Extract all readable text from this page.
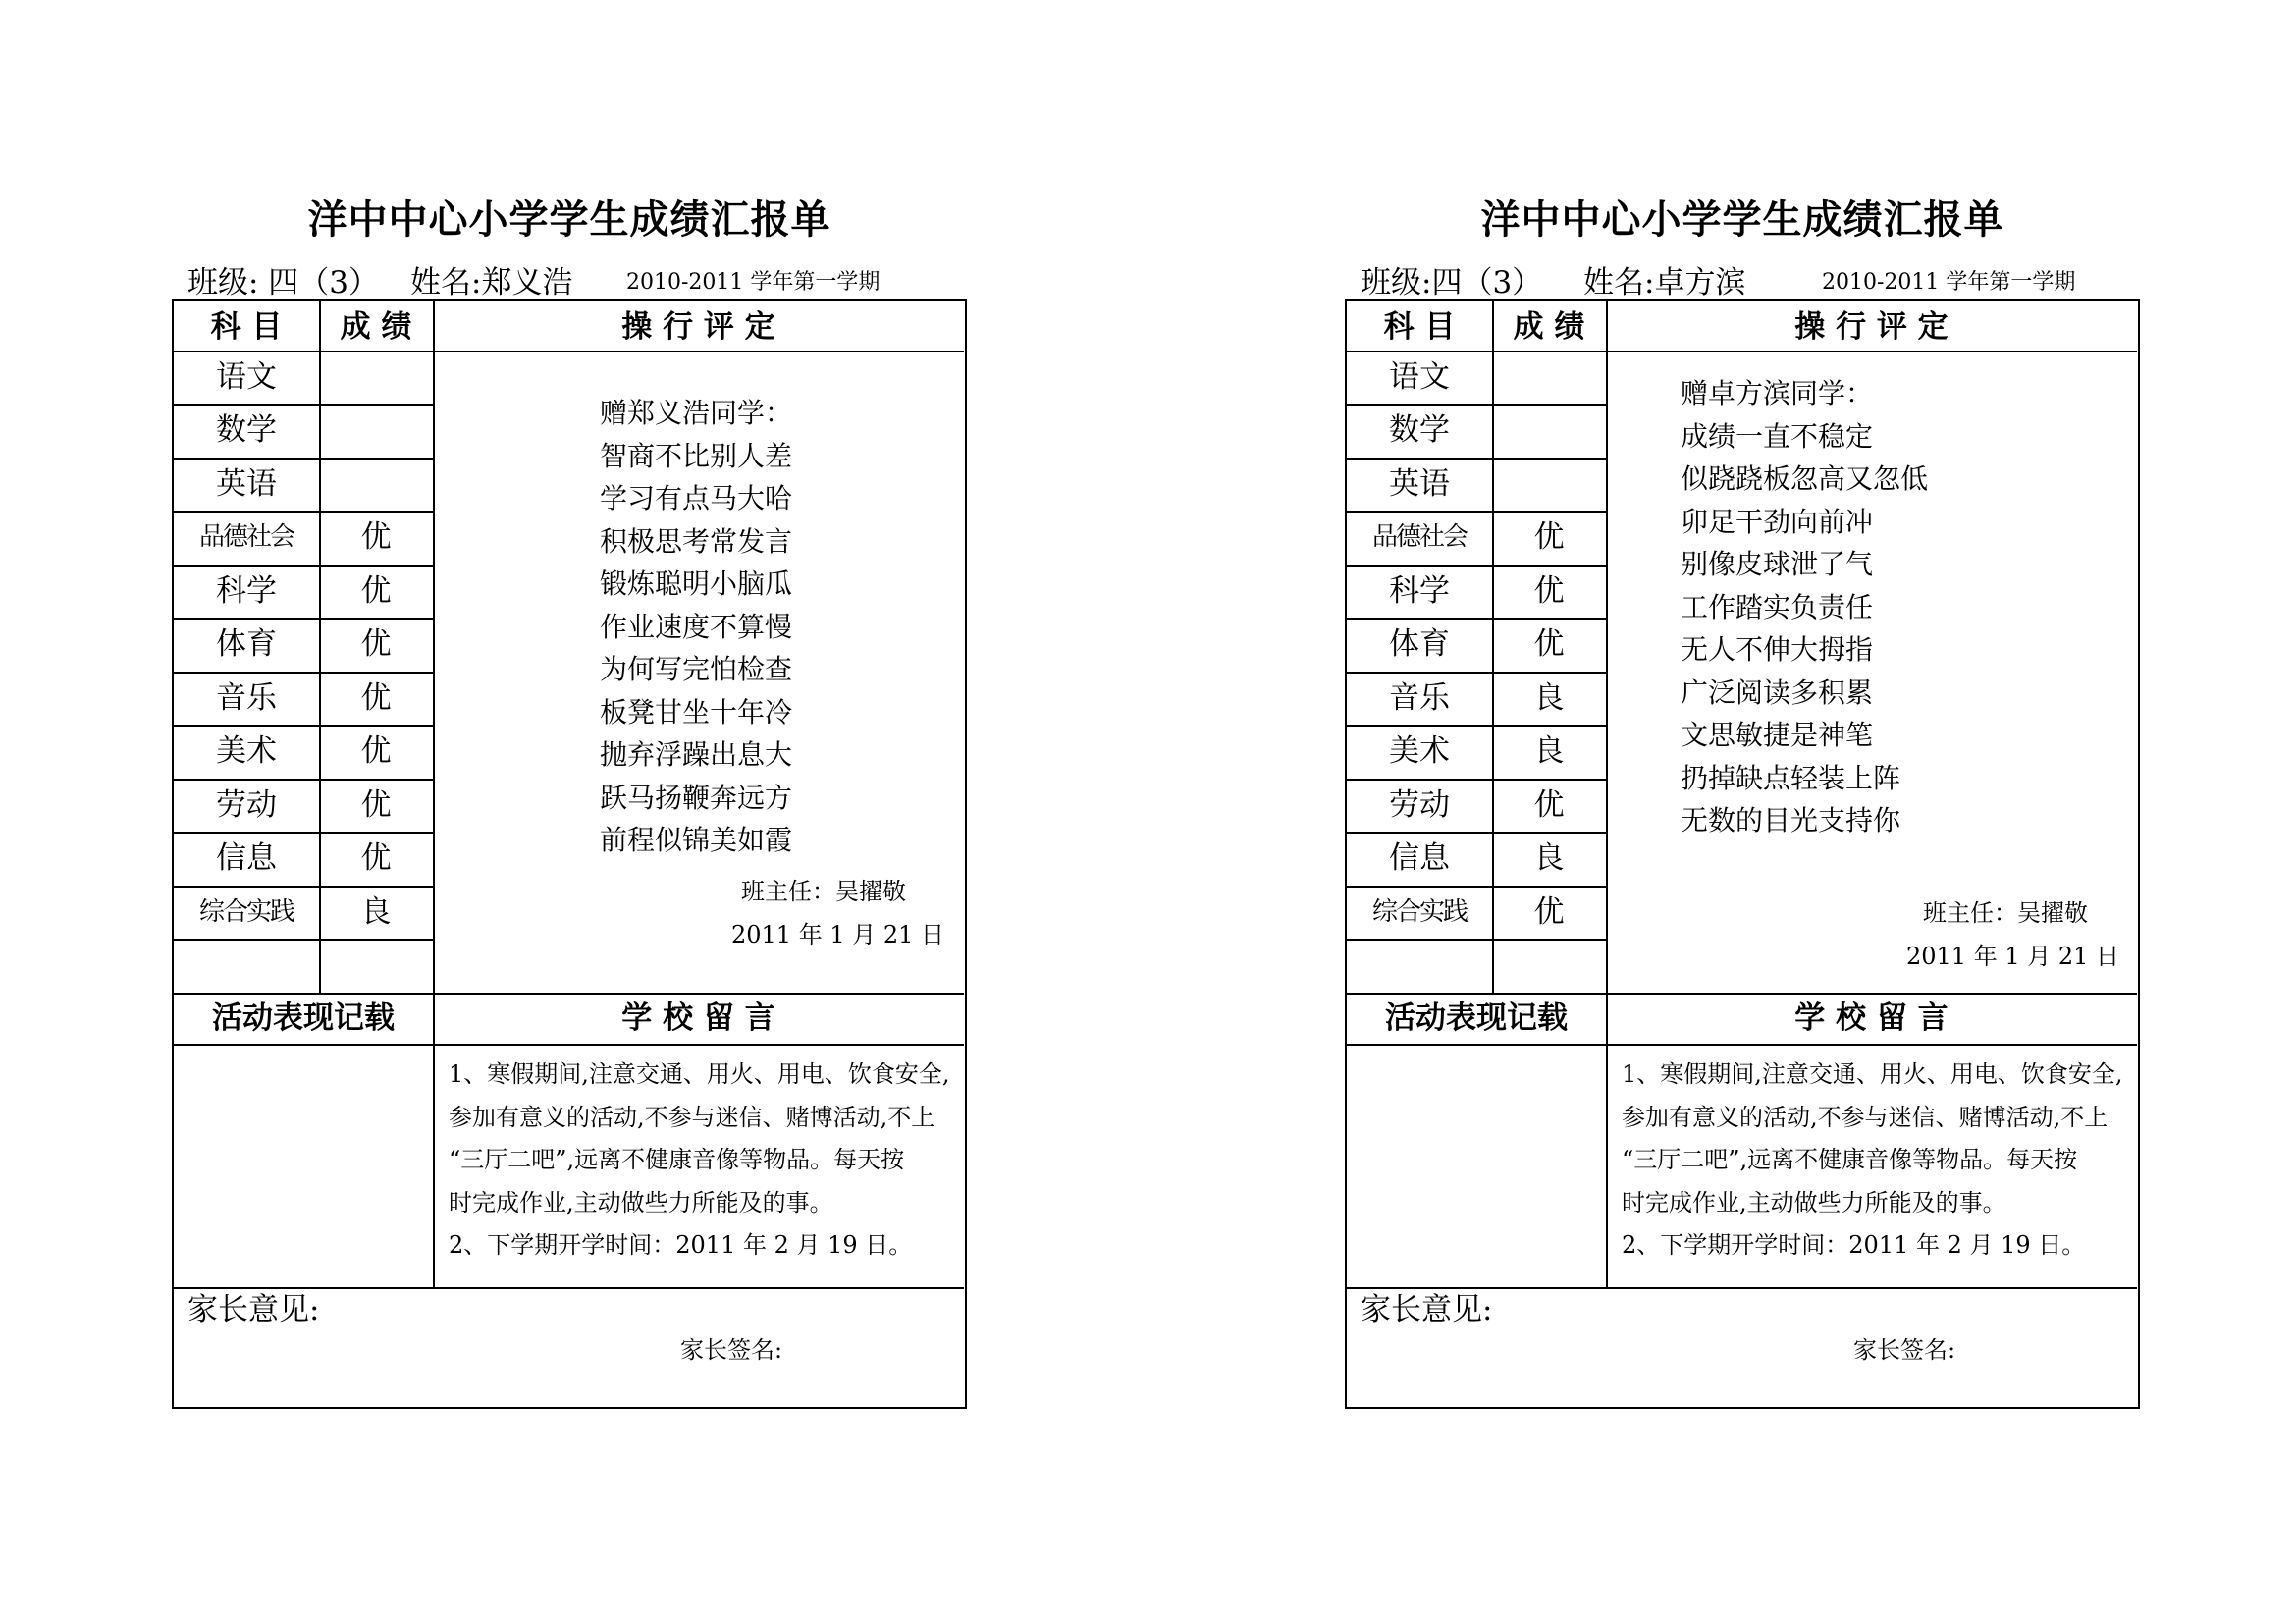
洋中中心小学学生成绩汇报单
班级: 四（3） 姓名:郑义浩 2010-2011 学年第一学期
科 目	成 绩	操 行 评 定
活动表现记载	学 校 留 言
语文
数学
英语
品德社会	优
科学	优
体育	优
音乐	优
美术	优
劳动	优
信息	优
综合实践	良
赠郑义浩同学：
智商不比别人差
学习有点马大哈
积极思考常发言
锻炼聪明小脑瓜
作业速度不算慢
为何写完怕检查
板凳甘坐十年冷
抛弃浮躁出息大
跃马扬鞭奔远方
前程似锦美如霞
班主任：吴擢敬
2011 年 1 月 21 日
1、寒假期间,注意交通、用火、用电、饮食安全,
参加有意义的活动,不参与迷信、赌博活动,不上
“三厅二吧”,远离不健康音像等物品。每天按
时完成作业,主动做些力所能及的事。
2、下学期开学时间：2011 年 2 月 19 日。
家长意见:
家长签名:
洋中中心小学学生成绩汇报单
班级:四（3） 姓名:卓方滨	2010-2011 学年第一学期
科 目	成 绩	操 行 评 定
活动表现记载	学 校 留 言
语文
数学
英语
品德社会	优
科学	优
体育	优
音乐	良
美术	良
劳动	优
信息	良
综合实践	优
赠卓方滨同学：
成绩一直不稳定
似跷跷板忽高又忽低
卯足干劲向前冲
别像皮球泄了气
工作踏实负责任
无人不伸大拇指
广泛阅读多积累
文思敏捷是神笔
扔掉缺点轻装上阵
无数的目光支持你
班主任：吴擢敬
2011 年 1 月 21 日
1、寒假期间,注意交通、用火、用电、饮食安全,
参加有意义的活动,不参与迷信、赌博活动,不上
“三厅二吧”,远离不健康音像等物品。每天按
时完成作业,主动做些力所能及的事。
2、下学期开学时间：2011 年 2 月 19 日。
家长意见:
家长签名:
